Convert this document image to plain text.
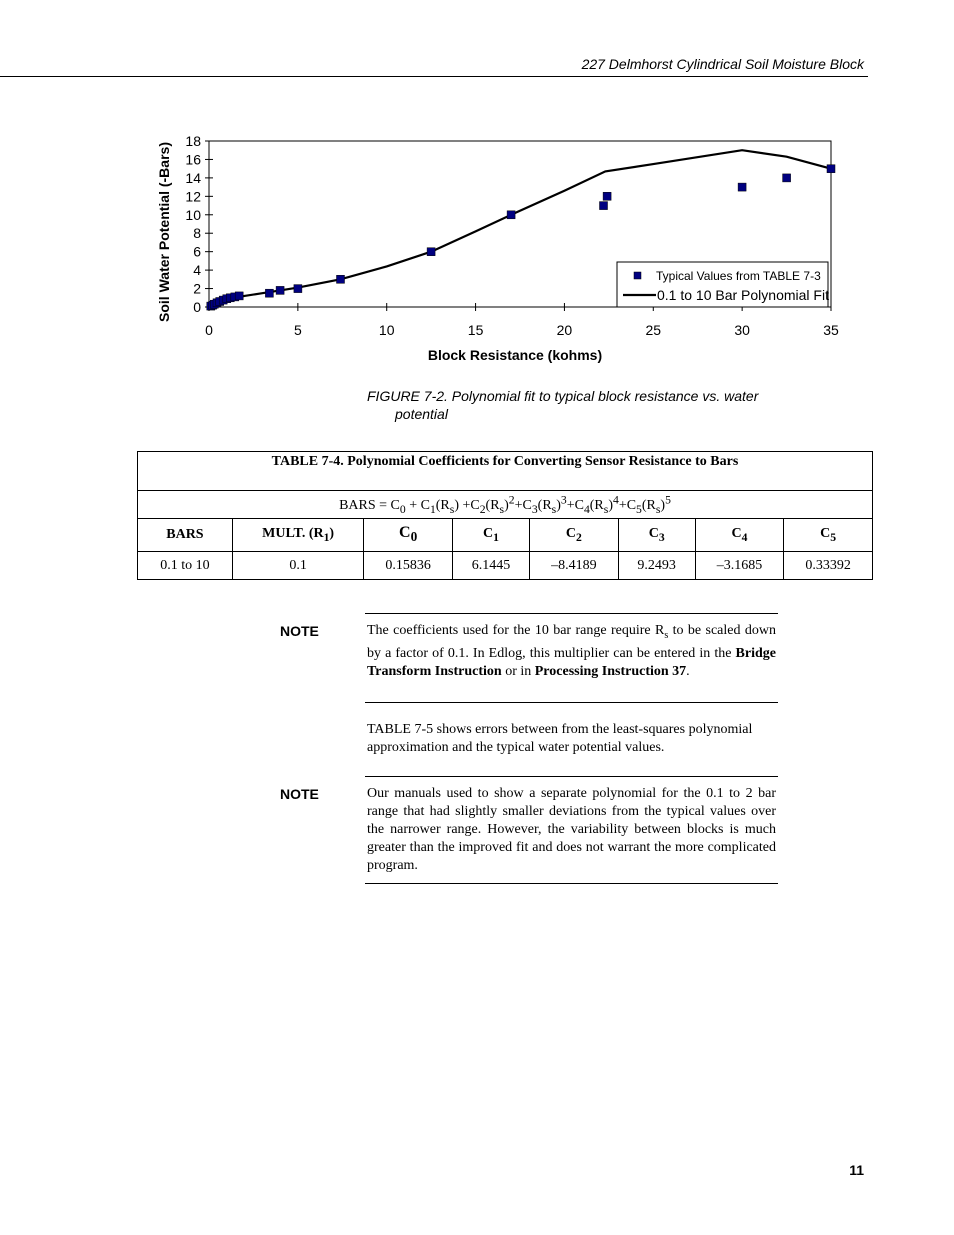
227 Delmhorst Cylindrical Soil Moisture Block
0
2
4
6
8
10
12
14
16
18
0	5	10	15	20	25	30	35
Block Resistance (kohms)
Soil Water Potential (-Bars)	Typical Values from TABLE 7-3
0.1 to 10 Bar Polynomial Fit
FIGURE 7-2. Polynomial fit to typical block resistance vs. water
potential
TABLE 7-4. Polynomial Coefficients for Converting Sensor Resistance to Bars							
BARS = $C_0 + C_1(R_s) +C_2(R_s)^2+C_3(R_s)^3+C_4(R_s)^4+C_5(R_s)^5$
BARS	MULT. $(R_1)$	$C_0$	$C_1$	$C_2$	$C_3$	$C_4$	$C_5$
0.1 to 10	0.1	0.15836	6.1445	–8.4189	9.2493	–3.1685	0.33392
NOTE	The coefficients used for the 10 bar range require $R_s$ to be scaled down by a factor of 0.1. In Edlog, this multiplier can be entered in the Bridge Transform Instruction or in Processing Instruction 37.
TABLE 7-5 shows errors between from the least-squares polynomial approximation and the typical water potential values.
NOTE	Our manuals used to show a separate polynomial for the 0.1 to 2 bar range that had slightly smaller deviations from the typical values over the narrower range. However, the variability between blocks is much greater than the improved fit and does not warrant the more complicated program.
11
